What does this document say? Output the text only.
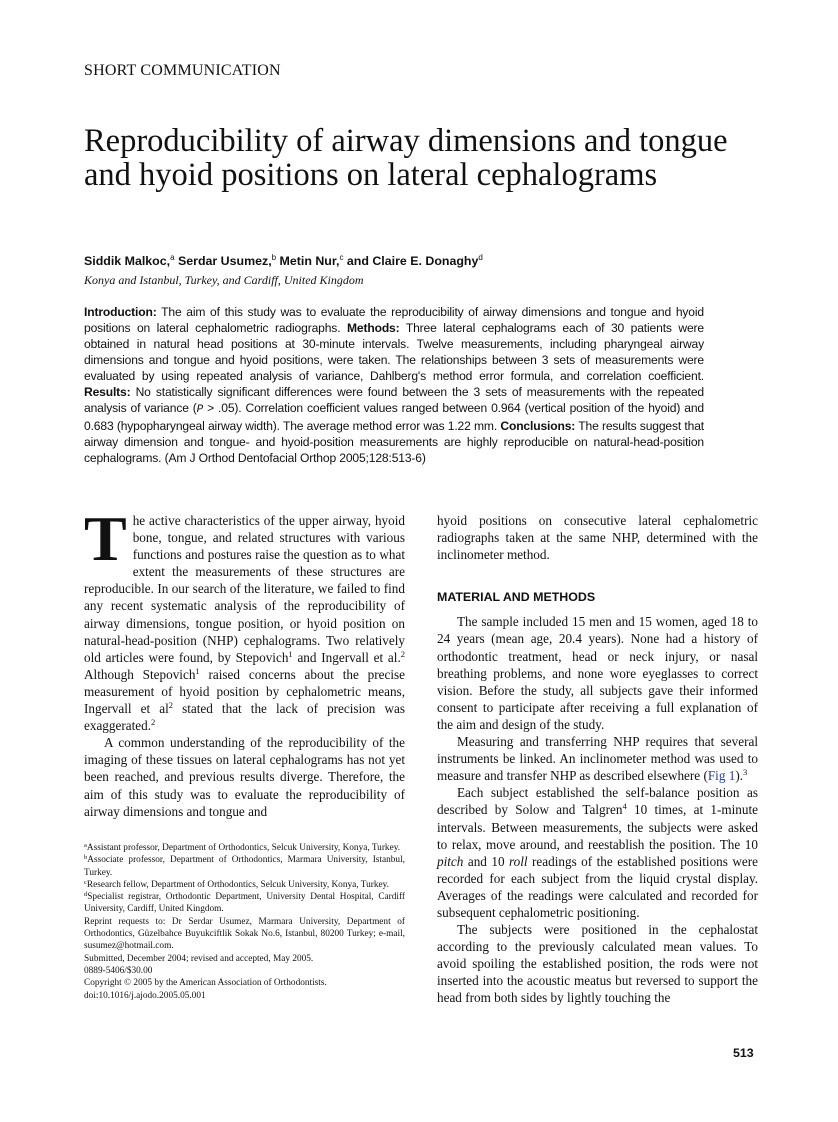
SHORT COMMUNICATION
Reproducibility of airway dimensions and tongue and hyoid positions on lateral cephalograms
Siddik Malkoc,$^a$ Serdar Usumez,$^b$ Metin Nur,$^c$ and Claire E. Donaghy$^d$
Konya and Istanbul, Turkey, and Cardiff, United Kingdom
Introduction: The aim of this study was to evaluate the reproducibility of airway dimensions and tongue and hyoid positions on lateral cephalometric radiographs. Methods: Three lateral cephalograms each of 30 patients were obtained in natural head positions at 30-minute intervals. Twelve measurements, including pharyngeal airway dimensions and tongue and hyoid positions, were taken. The relationships between 3 sets of measurements were evaluated by using repeated analysis of variance, Dahlberg's method error formula, and correlation coefficient. Results: No statistically significant differences were found between the 3 sets of measurements with the repeated analysis of variance (P > .05). Correlation coefficient values ranged between 0.964 (vertical position of the hyoid) and 0.683 (hypopharyngeal airway width). The average method error was 1.22 mm. Conclusions: The results suggest that airway dimension and tongue- and hyoid-position measurements are highly reproducible on natural-head-position cephalograms. (Am J Orthod Dentofacial Orthop 2005;128:513-6)

The active characteristics of the upper airway, hyoid bone, tongue, and related structures with various functions and postures raise the question as to what extent the measurements of these structures are reproducible. In our search of the literature, we failed to find any recent systematic analysis of the reproducibility of airway dimensions, tongue position, or hyoid position on natural-head-position (NHP) cephalograms. Two relatively old articles were found, by Stepovich$^1$ and Ingervall et al.$^2$ Although Stepovich$^1$ raised concerns about the precise measurement of hyoid position by cephalometric means, Ingervall et al$^2$ stated that the lack of precision was exaggerated.$^2$

A common understanding of the reproducibility of the imaging of these tissues on lateral cephalograms has not yet been reached, and previous results diverge. Therefore, the aim of this study was to evaluate the reproducibility of airway dimensions and tongue and

$^a$Assistant professor, Department of Orthodontics, Selcuk University, Konya, Turkey.
$^b$Associate professor, Department of Orthodontics, Marmara University, Istanbul, Turkey.
$^c$Research fellow, Department of Orthodontics, Selcuk University, Konya, Turkey.
$^d$Specialist registrar, Orthodontic Department, University Dental Hospital, Cardiff University, Cardiff, United Kingdom.
Reprint requests to: Dr Serdar Usumez, Marmara University, Department of Orthodontics, Güzelbahce Buyukciftlik Sokak No.6, Istanbul, 80200 Turkey; e-mail, susumez@hotmail.com.
Submitted, December 2004; revised and accepted, May 2005.
0889-5406/$30.00
Copyright © 2005 by the American Association of Orthodontists.
doi:10.1016/j.ajodo.2005.05.001

hyoid positions on consecutive lateral cephalometric radiographs taken at the same NHP, determined with the inclinometer method.

MATERIAL AND METHODS

The sample included 15 men and 15 women, aged 18 to 24 years (mean age, 20.4 years). None had a history of orthodontic treatment, head or neck injury, or nasal breathing problems, and none wore eyeglasses to correct vision. Before the study, all subjects gave their informed consent to participate after receiving a full explanation of the aim and design of the study.

Measuring and transferring NHP requires that several instruments be linked. An inclinometer method was used to measure and transfer NHP as described elsewhere (Fig 1).$^3$

Each subject established the self-balance position as described by Solow and Talgren$^4$ 10 times, at 1-minute intervals. Between measurements, the subjects were asked to relax, move around, and reestablish the position. The 10 pitch and 10 roll readings of the established positions were recorded for each subject from the liquid crystal display. Averages of the readings were calculated and recorded for subsequent cephalometric positioning.

The subjects were positioned in the cephalostat according to the previously calculated mean values. To avoid spoiling the established position, the rods were not inserted into the acoustic meatus but reversed to support the head from both sides by lightly touching the

513
